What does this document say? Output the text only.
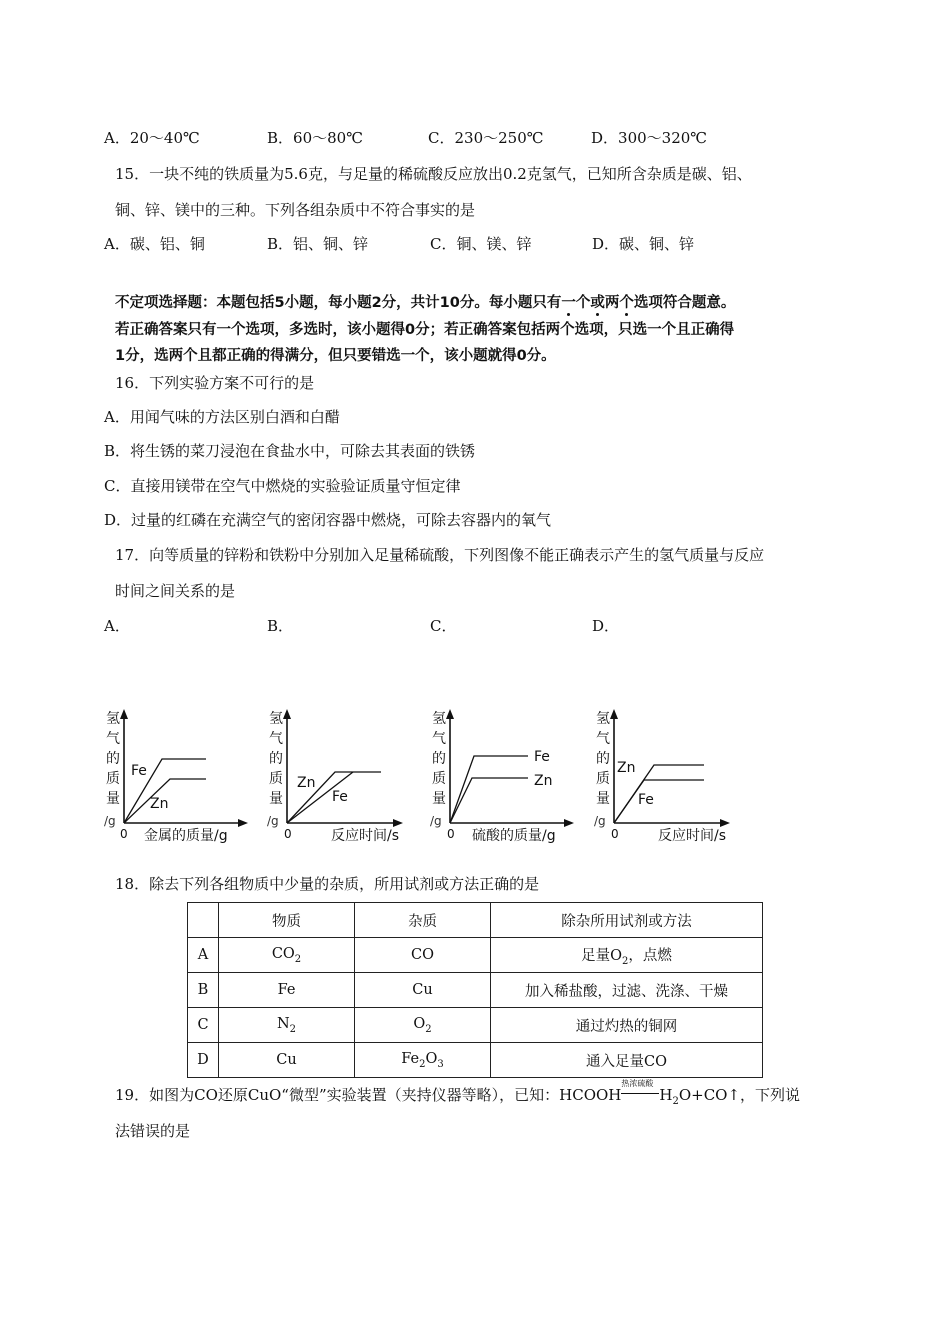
A．20～40℃	B．60～80℃	C．230～250℃	D．300～320℃
15．一块不纯的铁质量为5.6克，与足量的稀硫酸反应放出0.2克氢气，已知所含杂质是碳、铝、
铜、锌、镁中的三种。下列各组杂质中不符合事实的是
A．碳、铝、铜	B．铝、铜、锌	C．铜、镁、锌	D．碳、铜、锌
不定项选择题：本题包括5小题，每小题2分，共计10分。每小题只有一个或两个选项符合题意。
若正确答案只有一个选项，多选时，该小题得0分；若正确答案包括两个选项，只选一个且正确得
1分，选两个且都正确的得满分，但只要错选一个，该小题就得0分。
16．下列实验方案不可行的是
A．用闻气味的方法区别白酒和白醋
B．将生锈的菜刀浸泡在食盐水中，可除去其表面的铁锈
C．直接用镁带在空气中燃烧的实验验证质量守恒定律
D．过量的红磷在充满空气的密闭容器中燃烧，可除去容器内的氧气
17．向等质量的锌粉和铁粉中分别加入足量稀硫酸，下列图像不能正确表示产生的氢气质量与反应
时间之间关系的是
A．	B．	C．	D．
氢
气
的
质
量
/g
0 金属的质量/g
Fe
Zn
氢
气
的
质
量
/g
0	反应时间/s
Zn
Fe
氢
气
的
质
量
/g
0 硫酸的质量/g
Fe
Zn
氢
气
的
质
量
/g
0	反应时间/s
Zn
Fe
18．除去下列各组物质中少量的杂质，所用试剂或方法正确的是
	物质	杂质	除杂所用试剂或方法
A	$CO_2$	CO	足量$O_2$，点燃
B	Fe	Cu	加入稀盐酸，过滤、洗涤、干燥
C	$N_2$	$O_2$	通过灼热的铜网
D	Cu	$Fe_2O_3$	通入足量CO
19．如图为CO还原CuO“微型”实验装置（夹持仪器等略），已知：HCOOH
热浓硫酸
$H_2O+CO↑$，下列说
法错误的是
